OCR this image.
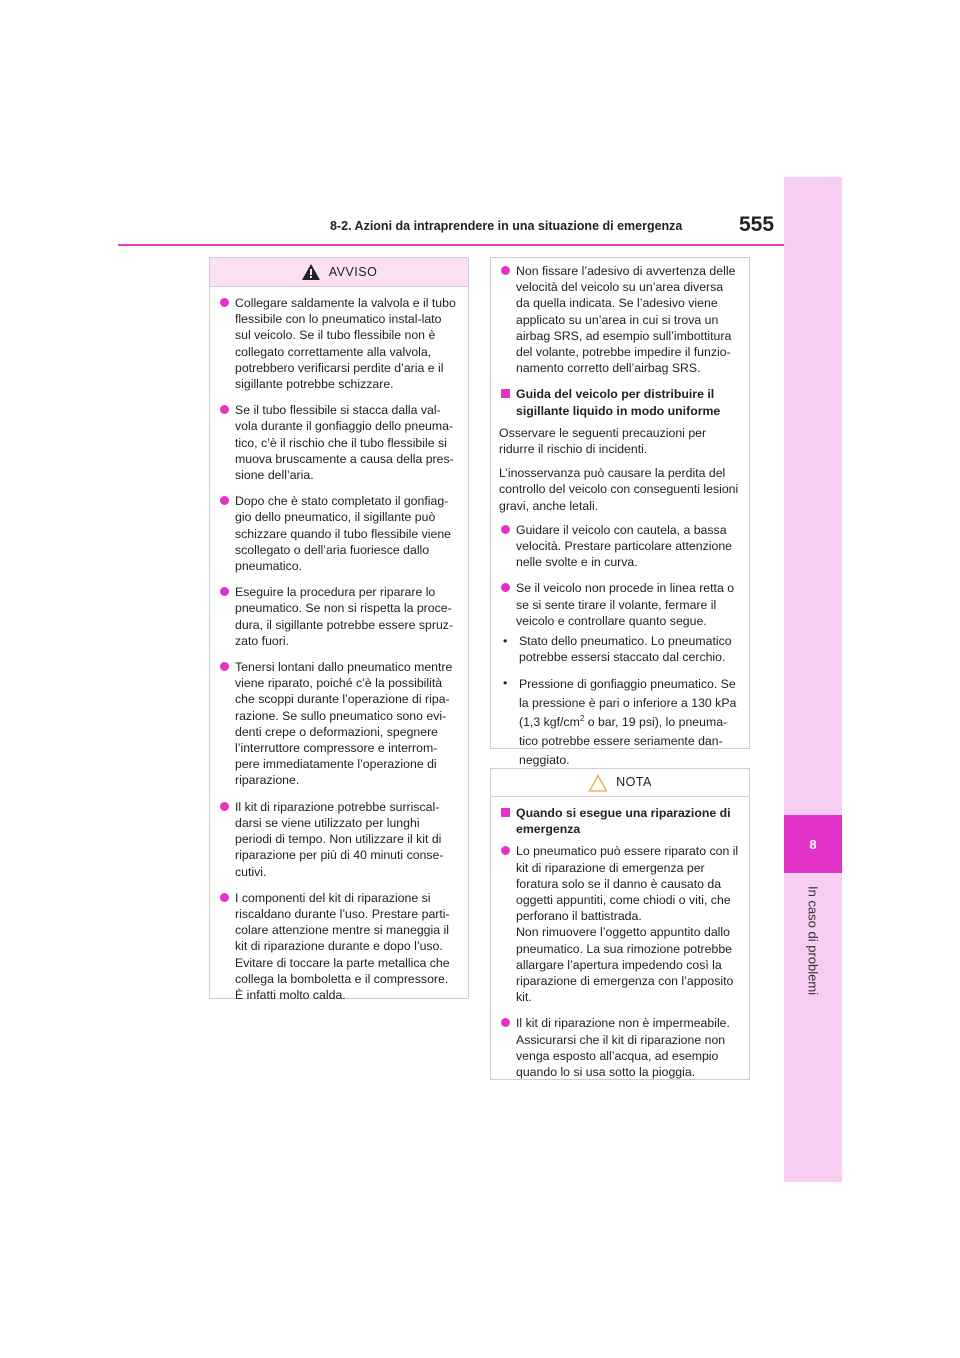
8
In caso di problemi
8-2. Azioni da intraprendere in una situazione di emergenza	555
AVVISO
Collegare saldamente la valvola e il tubo flessibile con lo pneumatico instal-lato sul veicolo. Se il tubo flessibile non è collegato correttamente alla valvola, potrebbero verificarsi perdite d’aria e il sigillante potrebbe schizzare.
Se il tubo flessibile si stacca dalla val-vola durante il gonfiaggio dello pneuma-tico, c’è il rischio che il tubo flessibile si muova bruscamente a causa della pres-sione dell’aria.
Dopo che è stato completato il gonfiag-gio dello pneumatico, il sigillante può schizzare quando il tubo flessibile viene scollegato o dell’aria fuoriesce dallo pneumatico.
Eseguire la procedura per riparare lo pneumatico. Se non si rispetta la proce-dura, il sigillante potrebbe essere spruz-zato fuori.
Tenersi lontani dallo pneumatico mentre viene riparato, poiché c’è la possibilità che scoppi durante l’operazione di ripa-razione. Se sullo pneumatico sono evi-denti crepe o deformazioni, spegnere l’interruttore compressore e interrom-pere immediatamente l’operazione di riparazione.
Il kit di riparazione potrebbe surriscal-darsi se viene utilizzato per lunghi periodi di tempo. Non utilizzare il kit di riparazione per più di 40 minuti conse-cutivi.
I componenti del kit di riparazione si riscaldano durante l’uso. Prestare parti-colare attenzione mentre si maneggia il kit di riparazione durante e dopo l’uso. Evitare di toccare la parte metallica che collega la bomboletta e il compressore. È infatti molto calda.
Non fissare l’adesivo di avvertenza delle velocità del veicolo su un’area diversa da quella indicata. Se l’adesivo viene applicato su un’area in cui si trova un airbag SRS, ad esempio sull’imbottitura del volante, potrebbe impedire il funzio-namento corretto dell’airbag SRS.
Guida del veicolo per distribuire il sigillante liquido in modo uniforme
Osservare le seguenti precauzioni per ridurre il rischio di incidenti.
L’inosservanza può causare la perdita del controllo del veicolo con conseguenti lesioni gravi, anche letali.
Guidare il veicolo con cautela, a bassa velocità. Prestare particolare attenzione nelle svolte e in curva.
Se il veicolo non procede in linea retta o se si sente tirare il volante, fermare il veicolo e controllare quanto segue.
• Stato dello pneumatico. Lo pneumatico potrebbe essersi staccato dal cerchio.
• Pressione di gonfiaggio pneumatico. Se la pressione è pari o inferiore a 130 kPa (1,3 kgf/$cm^2$ o bar, 19 psi), lo pneuma-tico potrebbe essere seriamente dan-neggiato.
NOTA
Quando si esegue una riparazione di emergenza
Lo pneumatico può essere riparato con il kit di riparazione di emergenza per foratura solo se il danno è causato da oggetti appuntiti, come chiodi o viti, che perforano il battistrada.
Non rimuovere l’oggetto appuntito dallo pneumatico. La sua rimozione potrebbe allargare l’apertura impedendo così la riparazione di emergenza con l’apposito kit.
Il kit di riparazione non è impermeabile. Assicurarsi che il kit di riparazione non venga esposto all’acqua, ad esempio quando lo si usa sotto la pioggia.
